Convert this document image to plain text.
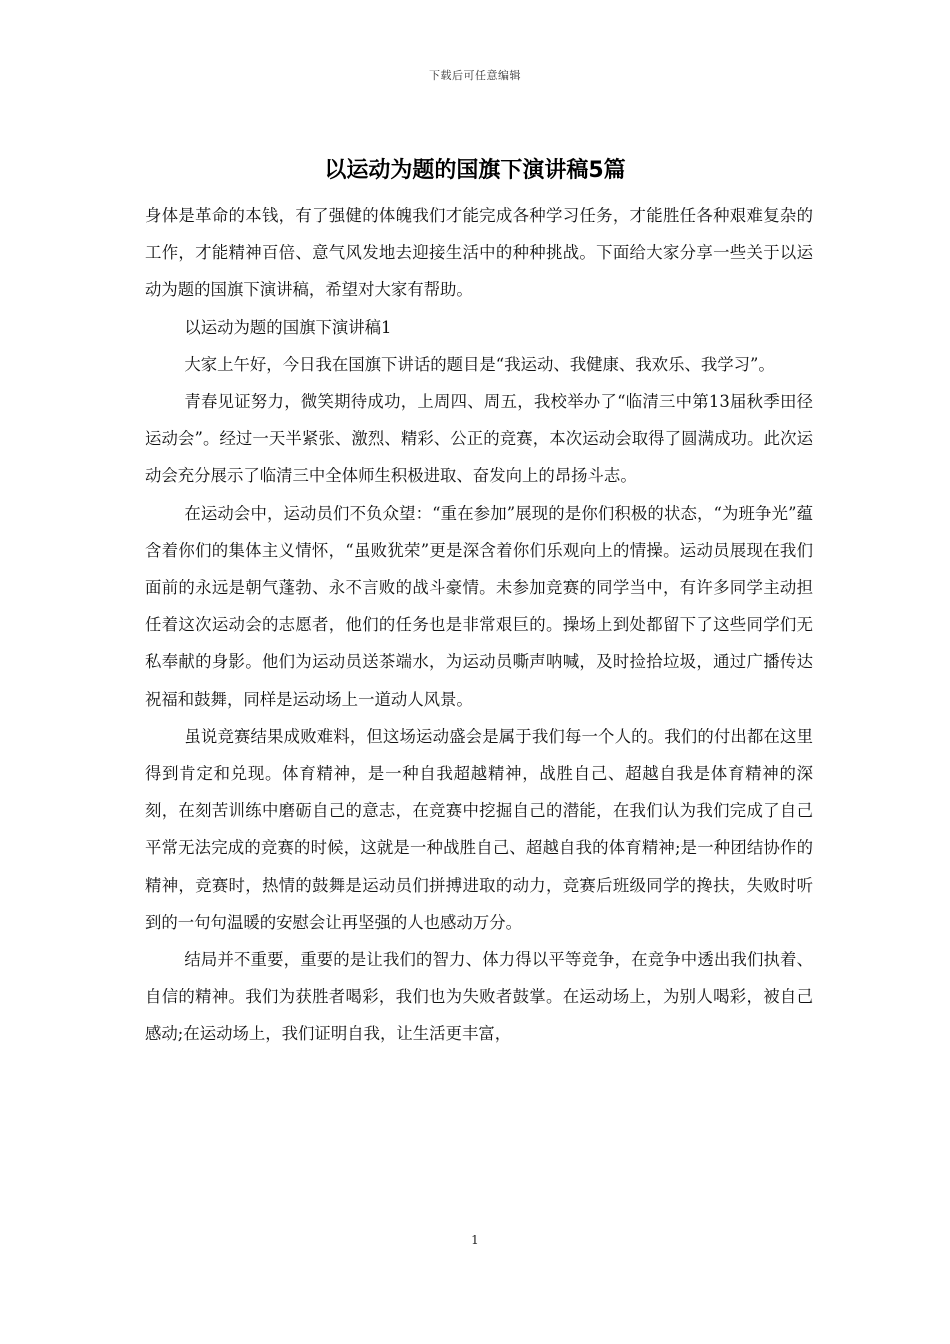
下载后可任意编辑
以运动为题的国旗下演讲稿5篇

身体是革命的本钱，有了强健的体魄我们才能完成各种学习任务，才能胜任各种艰难复杂的工作，才能精神百倍、意气风发地去迎接生活中的种种挑战。下面给大家分享一些关于以运动为题的国旗下演讲稿，希望对大家有帮助。

以运动为题的国旗下演讲稿1

大家上午好，今日我在国旗下讲话的题目是“我运动、我健康、我欢乐、我学习”。

青春见证努力，微笑期待成功，上周四、周五，我校举办了“临清三中第13届秋季田径运动会”。经过一天半紧张、激烈、精彩、公正的竞赛，本次运动会取得了圆满成功。此次运动会充分展示了临清三中全体师生积极进取、奋发向上的昂扬斗志。

在运动会中，运动员们不负众望：“重在参加”展现的是你们积极的状态，“为班争光”蕴含着你们的集体主义情怀，“虽败犹荣”更是深含着你们乐观向上的情操。运动员展现在我们面前的永远是朝气蓬勃、永不言败的战斗豪情。未参加竞赛的同学当中，有许多同学主动担任着这次运动会的志愿者，他们的任务也是非常艰巨的。操场上到处都留下了这些同学们无私奉献的身影。他们为运动员送茶端水，为运动员嘶声呐喊，及时捡拾垃圾，通过广播传达祝福和鼓舞，同样是运动场上一道动人风景。

虽说竞赛结果成败难料，但这场运动盛会是属于我们每一个人的。我们的付出都在这里得到肯定和兑现。体育精神，是一种自我超越精神，战胜自己、超越自我是体育精神的深刻，在刻苦训练中磨砺自己的意志，在竞赛中挖掘自己的潜能，在我们认为我们完成了自己平常无法完成的竞赛的时候，这就是一种战胜自己、超越自我的体育精神;是一种团结协作的精神，竞赛时，热情的鼓舞是运动员们拼搏进取的动力，竞赛后班级同学的搀扶，失败时听到的一句句温暖的安慰会让再坚强的人也感动万分。

结局并不重要，重要的是让我们的智力、体力得以平等竞争，在竞争中透出我们执着、自信的精神。我们为获胜者喝彩，我们也为失败者鼓掌。在运动场上，为别人喝彩，被自己感动;在运动场上，我们证明自我，让生活更丰富，

1
